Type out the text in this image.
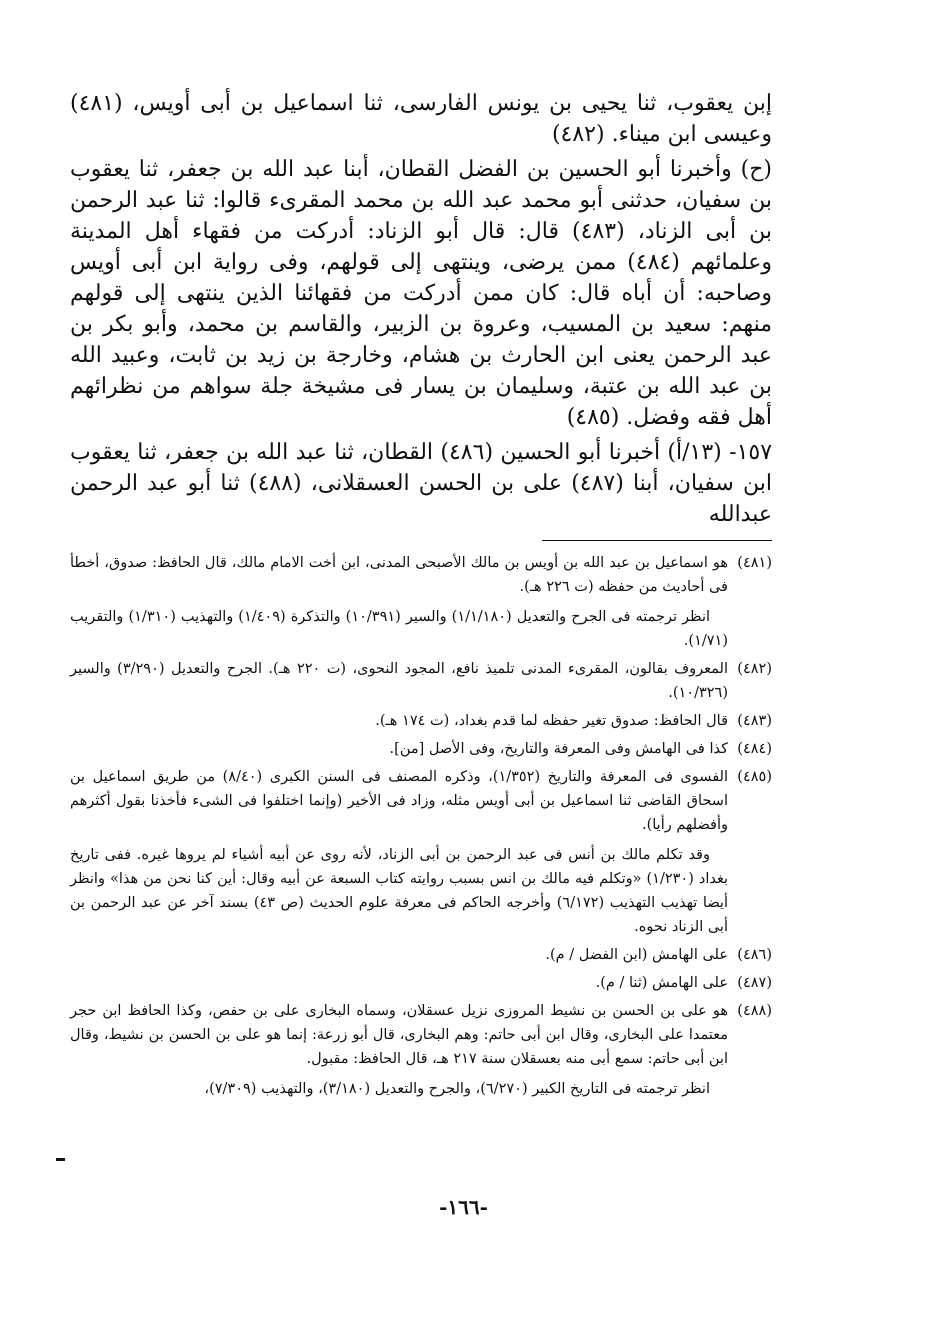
إبن يعقوب، ثنا يحيى بن يونس الفارسى، ثنا اسماعيل بن أبى أويس، (٤٨١) وعيسى ابن ميناء. (٤٨٢)

(ح) وأخبرنا أبو الحسين بن الفضل القطان، أبنا عبد الله بن جعفر، ثنا يعقوب بن سفيان، حدثنى أبو محمد عبد الله بن محمد المقرىء قالوا: ثنا عبد الرحمن بن أبى الزناد، (٤٨٣) قال: قال أبو الزناد: أدركت من فقهاء أهل المدينة وعلمائهم (٤٨٤) ممن يرضى، وينتهى إلى قولهم، وفى رواية ابن أبى أويس وصاحبه: أن أباه قال: كان ممن أدركت من فقهائنا الذين ينتهى إلى قولهم منهم: سعيد بن المسيب، وعروة بن الزبير، والقاسم بن محمد، وأبو بكر بن عبد الرحمن يعنى ابن الحارث بن هشام، وخارجة بن زيد بن ثابت، وعبيد الله بن عبد الله بن عتبة، وسليمان بن يسار فى مشيخة جلة سواهم من نظرائهم أهل فقه وفضل. (٤٨٥)

١٥٧- (١٣/أ) أخبرنا أبو الحسين (٤٨٦) القطان، ثنا عبد الله بن جعفر، ثنا يعقوب ابن سفيان، أبنا (٤٨٧) على بن الحسن العسقلانى، (٤٨٨) ثنا أبو عبد الرحمن عبدالله

(٤٨١)

هو اسماعيل بن عبد الله بن أويس بن مالك الأصبحى المدنى، ابن أخت الامام مالك، قال الحافظ: صدوق، أخطأ فى أحاديث من حفظه (ت ٢٢٦ هـ).

انظر ترجمته فى الجرح والتعديل (١/١/١٨٠) والسير (١٠/٣٩١) والتذكرة (١/٤٠٩) والتهذيب (١/٣١٠) والتقريب (١/٧١).

(٤٨٢)

المعروف بقالون، المقرىء المدنى تلميذ نافع، المجود النحوى، (ت ٢٢٠ هـ). الجرح والتعديل (٣/٢٩٠) والسير (١٠/٣٢٦).

(٤٨٣)

قال الحافظ: صدوق تغير حفظه لما قدم بغداد، (ت ١٧٤ هـ).

(٤٨٤)

كذا فى الهامش وفى المعرفة والتاريخ، وفى الأصل [من].

(٤٨٥)

الفسوى فى المعرفة والتاريخ (١/٣٥٢)، وذكره المصنف فى السنن الكبرى (٨/٤٠) من طريق اسماعيل بن اسحاق القاضى ثنا اسماعيل بن أبى أويس مثله، وزاد فى الأخير (وإنما اختلفوا فى الشىء فأخذنا بقول أكثرهم وأفضلهم رأيا).

وقد تكلم مالك بن أنس فى عبد الرحمن بن أبى الزناد، لأنه روى عن أبيه أشياء لم يروها غيره. ففى تاريخ بغداد (١/٢٣٠) «وتكلم فيه مالك بن انس بسبب روايته كتاب السبعة عن أبيه وقال: أين كنا نحن من هذا» وانظر أيضا تهذيب التهذيب (٦/١٧٢) وأخرجه الحاكم فى معرفة علوم الحديث (ص ٤٣) بسند آخر عن عبد الرحمن بن أبى الزناد نحوه.

(٤٨٦)

على الهامش (ابن الفضل / م).

(٤٨٧)

على الهامش (ثنا / م).

(٤٨٨)

هو على بن الحسن بن نشيط المروزى نزيل عسقلان، وسماه البخارى على بن حفص، وكذا الحافظ ابن حجر معتمدا على البخارى، وقال ابن أبى حاتم: وهم البخارى، قال أبو زرعة: إنما هو على بن الحسن بن نشيط، وقال ابن أبى حاتم: سمع أبى منه بعسقلان سنة ٢١٧ هـ، قال الحافظ: مقبول.

انظر ترجمته فى التاريخ الكبير (٦/٢٧٠)، والجرح والتعديل (٣/١٨٠)، والتهذيب (٧/٣٠٩)،

-١٦٦-
